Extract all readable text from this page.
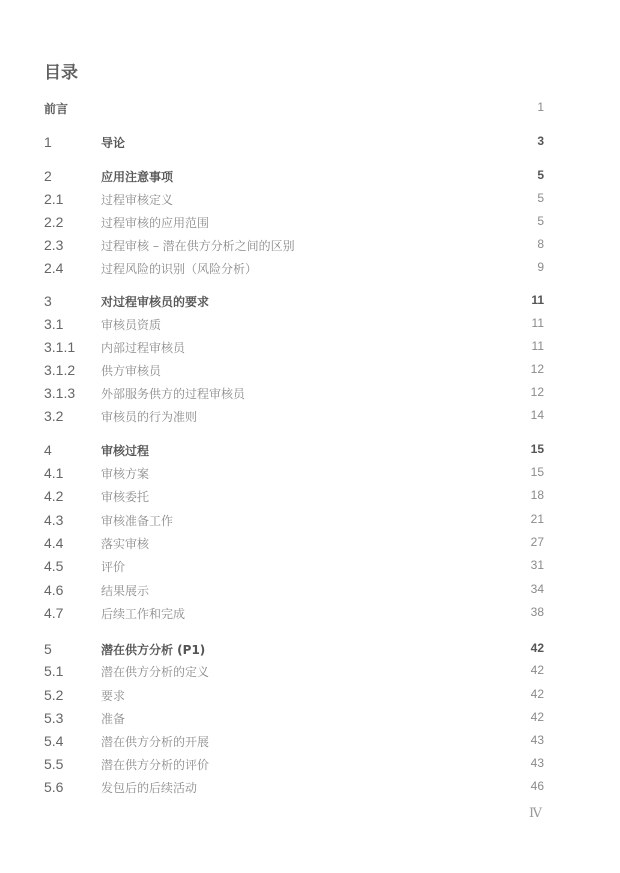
目录
前言	1
1	导论	3
2	应用注意事项	5
2.1	过程审核定义	5
2.2	过程审核的应用范围	5
2.3	过程审核 – 潜在供方分析之间的区别	8
2.4	过程风险的识别（风险分析）	9
3	对过程审核员的要求	11
3.1	审核员资质	11
3.1.1 内部过程审核员	11
3.1.2 供方审核员	12
3.1.3 外部服务供方的过程审核员	12
3.2	审核员的行为准则	14
4	审核过程	15
4.1	审核方案	15
4.2	审核委托	18
4.3	审核准备工作	21
4.4	落实审核	27
4.5	评价	31
4.6	结果展示	34
4.7	后续工作和完成	38
5	潜在供方分析 (P1)	42
5.1	潜在供方分析的定义	42
5.2	要求	42
5.3	准备	42
5.4	潜在供方分析的开展	43
5.5	潜在供方分析的评价	43
5.6	发包后的后续活动	46
Ⅳ
